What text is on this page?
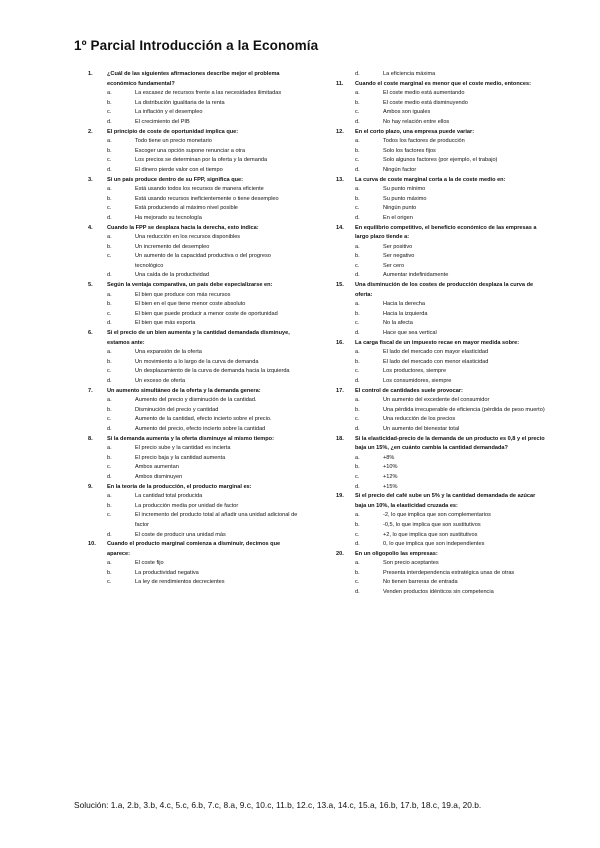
1º Parcial Introducción a la Economía
1.	¿Cuál de las siguientes afirmaciones describe mejor el problema económico fundamental?
a.	La escasez de recursos frente a las necesidades ilimitadas
b.	La distribución igualitaria de la renta
c.	La inflación y el desempleo
d.	El crecimiento del PIB
2.	El principio de coste de oportunidad implica que:
a.	Todo tiene un precio monetario
b.	Escoger una opción supone renunciar a otra
c.	Los precios se determinan por la oferta y la demanda
d.	El dinero pierde valor con el tiempo
3.	Si un país produce dentro de su FPP, significa que:
a.	Está usando todos los recursos de manera eficiente
b.	Está usando recursos ineficientemente o tiene desempleo
c.	Está produciendo al máximo nivel posible
d.	Ha mejorado su tecnología
4.	Cuando la FPP se desplaza hacia la derecha, esto indica:
a.	Una reducción en los recursos disponibles
b.	Un incremento del desempleo
c.	Un aumento de la capacidad productiva o del progreso tecnológico
d.	Una caída de la productividad
5.	Según la ventaja comparativa, un país debe especializarse en:
a.	El bien que produce con más recursos
b.	El bien en el que tiene menor coste absoluto
c.	El bien que puede producir a menor coste de oportunidad
d.	El bien que más exporta
6.	Si el precio de un bien aumenta y la cantidad demandada disminuye, estamos ante:
a.	Una expansión de la oferta
b.	Un movimiento a lo largo de la curva de demanda
c.	Un desplazamiento de la curva de demanda hacia la izquierda
d.	Un exceso de oferta
7.	Un aumento simultáneo de la oferta y la demanda genera:
a.	Aumento del precio y disminución de la cantidad.
b.	Disminución del precio y cantidad
c.	Aumento de la cantidad, efecto incierto sobre el precio.
d.	Aumento del precio, efecto incierto sobre la cantidad
8.	Si la demanda aumenta y la oferta disminuye al mismo tiempo:
a.	El precio sube y la cantidad es incierta
b.	El precio baja y la cantidad aumenta
c.	Ambos aumentan
d.	Ambos disminuyen
9.	En la teoría de la producción, el producto marginal es:
a.	La cantidad total producida
b.	La producción media por unidad de factor
c.	El incremento del producto total al añadir una unidad adicional de factor
d.	El coste de producir una unidad más
10. Cuando el producto marginal comienza a disminuir, decimos que aparece:
a.	El coste fijo
b.	La productividad negativa
c.	La ley de rendimientos decrecientes
d.	La eficiencia máxima
11. Cuando el coste marginal es menor que el coste medio, entonces:
a.	El coste medio está aumentando
b.	El coste medio está disminuyendo
c.	Ambos son iguales
d.	No hay relación entre ellos
12. En el corto plazo, una empresa puede variar:
a.	Todos los factores de producción
b.	Solo los factores fijos
c.	Solo algunos factores (por ejemplo, el trabajo)
d.	Ningún factor
13. La curva de coste marginal corta a la de coste medio en:
a.	Su punto mínimo
b.	Su punto máximo
c.	Ningún punto
d.	En el origen
14. En equilibrio competitivo, el beneficio económico de las empresas a largo plazo tiende a:
a.	Ser positivo
b.	Ser negativo
c.	Ser cero
d.	Aumentar indefinidamente
15. Una disminución de los costes de producción desplaza la curva de oferta:
a.	Hacia la derecha
b.	Hacia la izquierda
c.	No la afecta
d.	Hace que sea vertical
16. La carga fiscal de un impuesto recae en mayor medida sobre:
a.	El lado del mercado con mayor elasticidad
b.	El lado del mercado con menor elasticidad
c.	Los productores, siempre
d.	Los consumidores, siempre
17. El control de cantidades suele provocar:
a.	Un aumento del excedente del consumidor
b.	Una pérdida irrecuperable de eficiencia (pérdida de peso muerto)
c.	Una reducción de los precios
d.	Un aumento del bienestar total
18. Si la elasticidad-precio de la demanda de un producto es 0,8 y el precio baja un 15%, ¿en cuánto cambia la cantidad demandada?
a.	+8%
b.	+10%
c.	+12%
d.	+15%
19. Si el precio del café sube un 5% y la cantidad demandada de azúcar baja un 10%, la elasticidad cruzada es:
a.	-2, lo que implica que son complementarios
b.	-0,5, lo que implica que son sustitutivos
c.	+2, lo que implica que son sustitutivos
d.	0, lo que implica que son independientes
20. En un oligopolio las empresas:
a.	Son precio aceptantes
b.	Presenta interdependencia estratégica unas de otras
c.	No tienen barreras de entrada
d.	Venden productos idénticos sin competencia
Solución: 1.a, 2.b, 3.b, 4.c, 5.c, 6.b, 7.c, 8.a, 9.c, 10.c, 11.b, 12.c, 13.a, 14.c, 15.a, 16.b, 17.b, 18.c, 19.a, 20.b.
